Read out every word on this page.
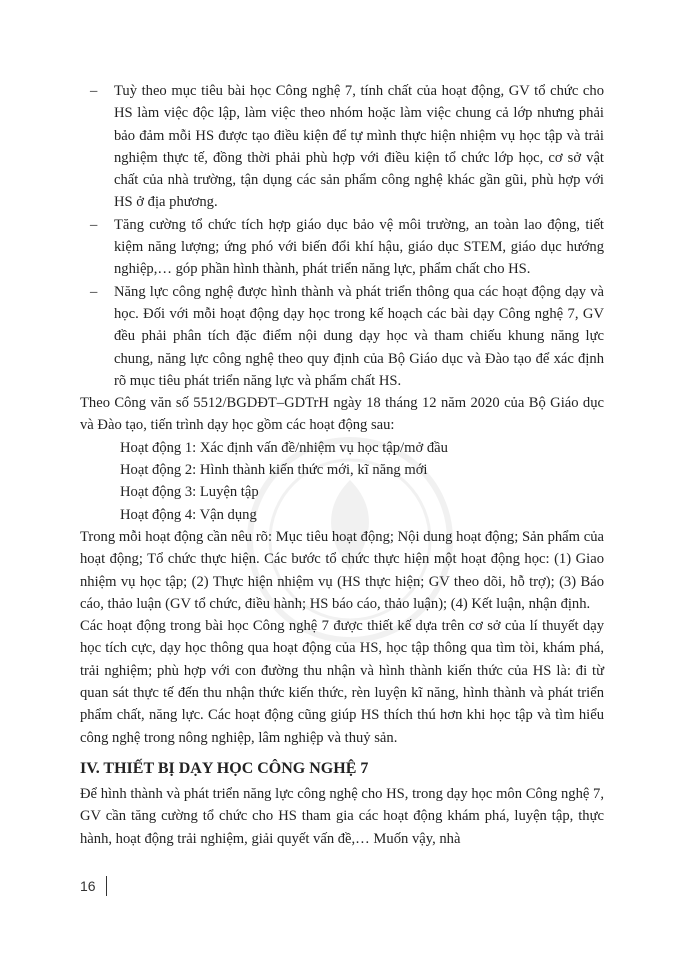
– Tuỳ theo mục tiêu bài học Công nghệ 7, tính chất của hoạt động, GV tổ chức cho HS làm việc độc lập, làm việc theo nhóm hoặc làm việc chung cả lớp nhưng phải bảo đảm mỗi HS được tạo điều kiện để tự mình thực hiện nhiệm vụ học tập và trải nghiệm thực tế, đồng thời phải phù hợp với điều kiện tổ chức lớp học, cơ sở vật chất của nhà trường, tận dụng các sản phẩm công nghệ khác gần gũi, phù hợp với HS ở địa phương.
– Tăng cường tổ chức tích hợp giáo dục bảo vệ môi trường, an toàn lao động, tiết kiệm năng lượng; ứng phó với biến đổi khí hậu, giáo dục STEM, giáo dục hướng nghiệp,… góp phần hình thành, phát triển năng lực, phẩm chất cho HS.
– Năng lực công nghệ được hình thành và phát triển thông qua các hoạt động dạy và học. Đối với mỗi hoạt động dạy học trong kế hoạch các bài dạy Công nghệ 7, GV đều phải phân tích đặc điểm nội dung dạy học và tham chiếu khung năng lực chung, năng lực công nghệ theo quy định của Bộ Giáo dục và Đào tạo để xác định rõ mục tiêu phát triển năng lực và phẩm chất HS.

Theo Công văn số 5512/BGDĐT–GDTrH ngày 18 tháng 12 năm 2020 của Bộ Giáo dục và Đào tạo, tiến trình dạy học gồm các hoạt động sau:

Hoạt động 1: Xác định vấn đề/nhiệm vụ học tập/mở đầu
Hoạt động 2: Hình thành kiến thức mới, kĩ năng mới
Hoạt động 3: Luyện tập
Hoạt động 4: Vận dụng

Trong mỗi hoạt động cần nêu rõ: Mục tiêu hoạt động; Nội dung hoạt động; Sản phẩm của hoạt động; Tổ chức thực hiện. Các bước tổ chức thực hiện một hoạt động học: (1) Giao nhiệm vụ học tập; (2) Thực hiện nhiệm vụ (HS thực hiện; GV theo dõi, hỗ trợ); (3) Báo cáo, thảo luận (GV tổ chức, điều hành; HS báo cáo, thảo luận); (4) Kết luận, nhận định.

Các hoạt động trong bài học Công nghệ 7 được thiết kế dựa trên cơ sở của lí thuyết dạy học tích cực, dạy học thông qua hoạt động của HS, học tập thông qua tìm tòi, khám phá, trải nghiệm; phù hợp với con đường thu nhận và hình thành kiến thức của HS là: đi từ quan sát thực tế đến thu nhận thức kiến thức, rèn luyện kĩ năng, hình thành và phát triển phẩm chất, năng lực. Các hoạt động cũng giúp HS thích thú hơn khi học tập và tìm hiểu công nghệ trong nông nghiệp, lâm nghiệp và thuỷ sản.

IV. THIẾT BỊ DẠY HỌC CÔNG NGHỆ 7

Để hình thành và phát triển năng lực công nghệ cho HS, trong dạy học môn Công nghệ 7, GV cần tăng cường tổ chức cho HS tham gia các hoạt động khám phá, luyện tập, thực hành, hoạt động trải nghiệm, giải quyết vấn đề,… Muốn vậy, nhà

16
